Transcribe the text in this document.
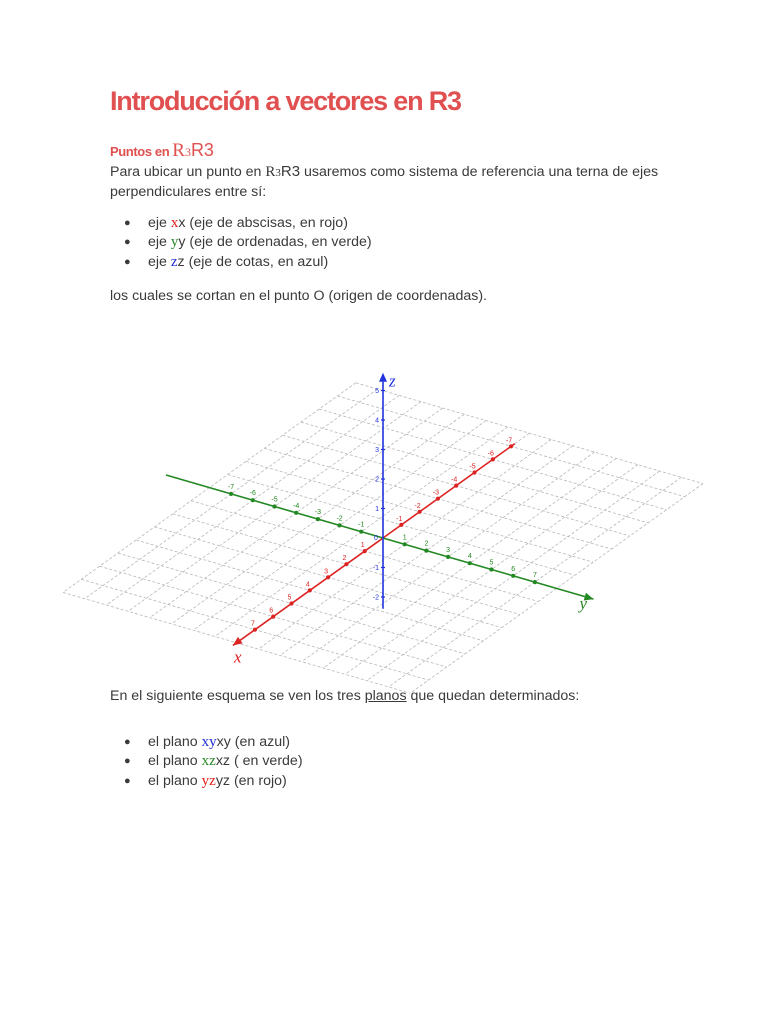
Introducción a vectores en R3
Puntos en R3R3

Para ubicar un punto en R3R3 usaremos como sistema de referencia una terna de ejes perpendiculares entre sí:

● eje xx (eje de abscisas, en rojo)
● eje yy (eje de ordenadas, en verde)
● eje zz (eje de cotas, en azul)

los cuales se cortan en el punto O (origen de coordenadas).

En el siguiente esquema se ven los tres planos que quedan determinados:

● el plano xyxy (en azul)
● el plano xzxz ( en verde)
● el plano yzyz (en rojo)
-7
-6
-5
-4
-3
-2
-1
1
2
3
4
5
6
7
-7
-6
-5
-4
-3
-2
-1
1
2
3
4
5
6
7
-2
-1
1
2
3
4
5
x
y
z
0
